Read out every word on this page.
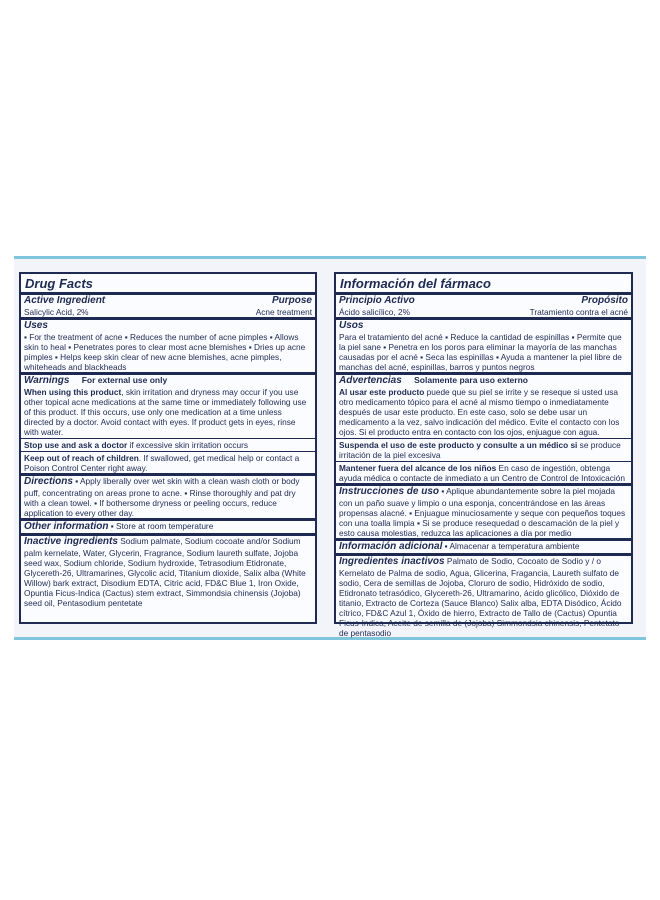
Drug Facts
Active Ingredient	Purpose
Salicylic Acid, 2%	Acne treatment
Uses
▪ For the treatment of acne ▪ Reduces the number of acne pimples ▪ Allows skin to heal ▪ Penetrates pores to clear most acne blemishes ▪ Dries up acne pimples ▪ Helps keep skin clear of new acne blemishes, acne pimples, whiteheads and blackheads
Warnings For external use only
When using this product, skin irritation and dryness may occur if you use other topical acne medications at the same time or immediately following use of this product. If this occurs, use only one medication at a time unless directed by a doctor. Avoid contact with eyes. If product gets in eyes, rinse with water.
Stop use and ask a doctor if excessive skin irritation occurs
Keep out of reach of children. If swallowed, get medical help or contact a Poison Control Center right away.
Directions ▪ Apply liberally over wet skin with a clean wash cloth or body puff, concentrating on areas prone to acne. ▪ Rinse thoroughly and pat dry with a clean towel. ▪ If bothersome dryness or peeling occurs, reduce application to every other day.
Other information ▪ Store at room temperature
Inactive ingredients Sodium palmate, Sodium cocoate and/or Sodium palm kernelate, Water, Glycerin, Fragrance, Sodium laureth sulfate, Jojoba seed wax, Sodium chloride, Sodium hydroxide, Tetrasodium Etidronate, Glycereth-26, Ultramarines, Glycolic acid, Titanium dioxide, Salix alba (White Willow) bark extract, Disodium EDTA, Citric acid, FD&C Blue 1, Iron Oxide, Opuntia Ficus-Indica (Cactus) stem extract, Simmondsia chinensis (Jojoba) seed oil, Pentasodium pentetate
Información del fármaco
Principio Activo	Propósito
Ácido salicílico, 2%	Tratamiento contra el acné
Usos
Para el tratamiento del acné ▪ Reduce la cantidad de espinillas ▪ Permite que la piel sane ▪ Penetra en los poros para eliminar la mayoría de las manchas causadas por el acné ▪ Seca las espinillas ▪ Ayuda a mantener la piel libre de manchas del acné, espinillas, barros y puntos negros
Advertencias Solamente para uso externo
Al usar este producto puede que su piel se irrite y se reseque si usted usa otro medicamento tópico para el acné al mismo tiempo o inmediatamente después de usar este producto. En este caso, solo se debe usar un medicamento a la vez, salvo indicación del médico. Evite el contacto con los ojos. Si el producto entra en contacto con los ojos, enjuague con agua.
Suspenda el uso de este producto y consulte a un médico si se produce irritación de la piel excesiva
Mantener fuera del alcance de los niños En caso de ingestión, obtenga ayuda médica o contacte de inmediato a un Centro de Control de Intoxicación
Instrucciones de uso ▪ Aplique abundantemente sobre la piel mojada con un paño suave y limpio o una esponja, concentrándose en las áreas propensas alacné. ▪ Enjuague minuciosamente y seque con pequeños toques con una toalla limpia ▪ Si se produce resequedad o descamación de la piel y esto causa molestias, reduzca las aplicaciones a día por medio
Información adicional ▪ Almacenar a temperatura ambiente
Ingredientes inactivos Palmato de Sodio, Cocoato de Sodio y / o Kernelato de Palma de sodio, Agua, Glicerina, Fragancia, Laureth sulfato de sodio, Cera de semillas de Jojoba, Cloruro de sodio, Hidróxido de sodio, Etidronato tetrasódico, Glycereth-26, Ultramarino, ácido glicólico, Dióxido de titanio, Extracto de Corteza (Sauce Blanco) Salix alba, EDTA Disódico, Ácido cítrico, FD&C Azul 1, Óxido de hierro, Extracto de Tallo de (Cactus) Opuntia Ficus-Indica, Aceite de semilla de (Jojoba) Simmondsia chinensis, Pentetato de pentasodio
